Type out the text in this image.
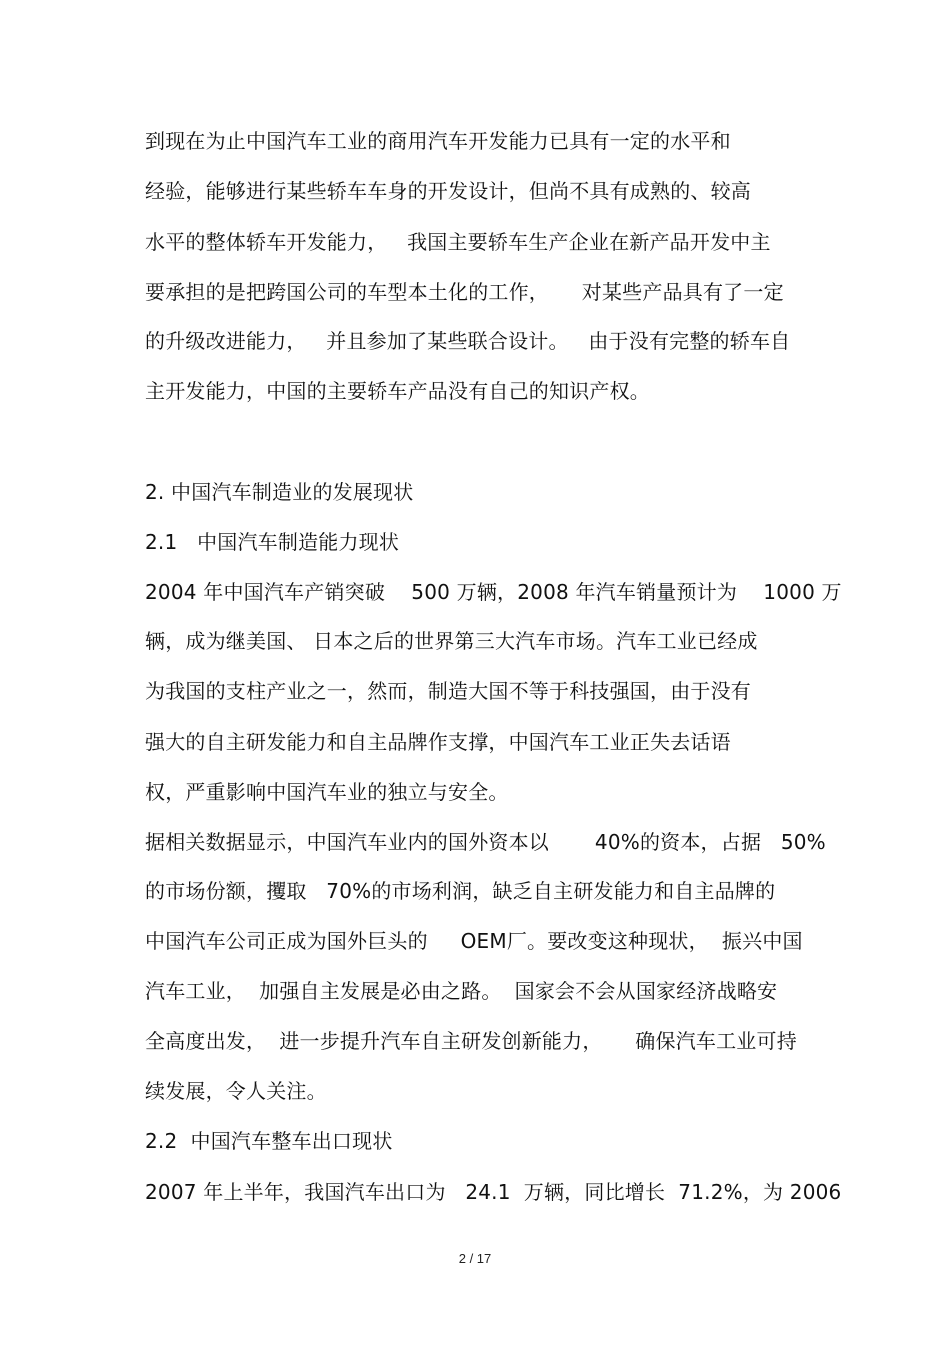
到现在为止中国汽车工业的商用汽车开发能力已具有一定的水平和
经验，能够进行某些轿车车身的开发设计，但尚不具有成熟的、较高
水平的整体轿车开发能力，   我国主要轿车生产企业在新产品开发中主
要承担的是把跨国公司的车型本土化的工作，     对某些产品具有了一定
的升级改进能力，   并且参加了某些联合设计。   由于没有完整的轿车自
主开发能力，中国的主要轿车产品没有自己的知识产权。
2. 中国汽车制造业的发展现状
2.1   中国汽车制造能力现状
2004 年中国汽车产销突破    500 万辆，2008 年汽车销量预计为    1000 万
辆，成为继美国、 日本之后的世界第三大汽车市场。汽车工业已经成
为我国的支柱产业之一，然而，制造大国不等于科技强国，由于没有
强大的自主研发能力和自主品牌作支撑，中国汽车工业正失去话语
权，严重影响中国汽车业的独立与安全。
据相关数据显示，中国汽车业内的国外资本以       40%的资本，占据   50%
的市场份额，攫取   70%的市场利润，缺乏自主研发能力和自主品牌的
中国汽车公司正成为国外巨头的     OEM厂。要改变这种现状，  振兴中国
汽车工业，  加强自主发展是必由之路。  国家会不会从国家经济战略安
全高度出发，  进一步提升汽车自主研发创新能力，     确保汽车工业可持
续发展，令人关注。
2.2  中国汽车整车出口现状
2007 年上半年，我国汽车出口为   24.1  万辆，同比增长  71.2%，为 2006
2 / 17
